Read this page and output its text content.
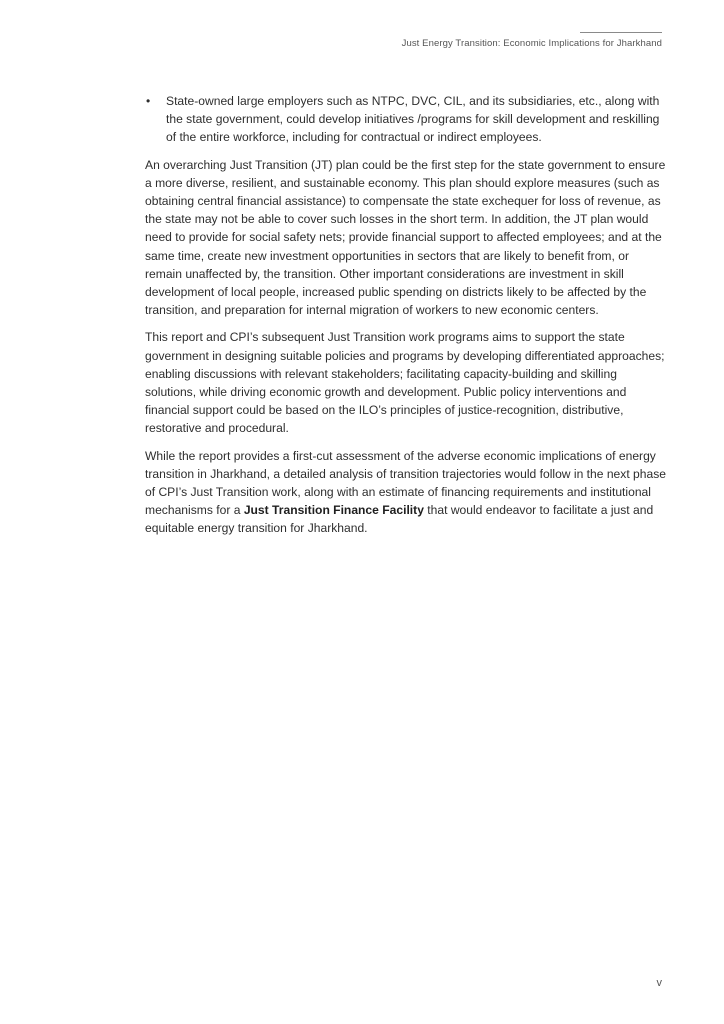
Just Energy Transition: Economic Implications for Jharkhand
• State-owned large employers such as NTPC, DVC, CIL, and its subsidiaries, etc., along with the state government, could develop initiatives /programs for skill development and reskilling of the entire workforce, including for contractual or indirect employees.

An overarching Just Transition (JT) plan could be the first step for the state government to ensure a more diverse, resilient, and sustainable economy. This plan should explore measures (such as obtaining central financial assistance) to compensate the state exchequer for loss of revenue, as the state may not be able to cover such losses in the short term. In addition, the JT plan would need to provide for social safety nets; provide financial support to affected employees; and at the same time, create new investment opportunities in sectors that are likely to benefit from, or remain unaffected by, the transition. Other important considerations are investment in skill development of local people, increased public spending on districts likely to be affected by the transition, and preparation for internal migration of workers to new economic centers.

This report and CPI’s subsequent Just Transition work programs aims to support the state government in designing suitable policies and programs by developing differentiated approaches; enabling discussions with relevant stakeholders; facilitating capacity-building and skilling solutions, while driving economic growth and development. Public policy interventions and financial support could be based on the ILO’s principles of justice-recognition, distributive, restorative and procedural.

While the report provides a first-cut assessment of the adverse economic implications of energy transition in Jharkhand, a detailed analysis of transition trajectories would follow in the next phase of CPI’s Just Transition work, along with an estimate of financing requirements and institutional mechanisms for a Just Transition Finance Facility that would endeavor to facilitate a just and equitable energy transition for Jharkhand.

v
